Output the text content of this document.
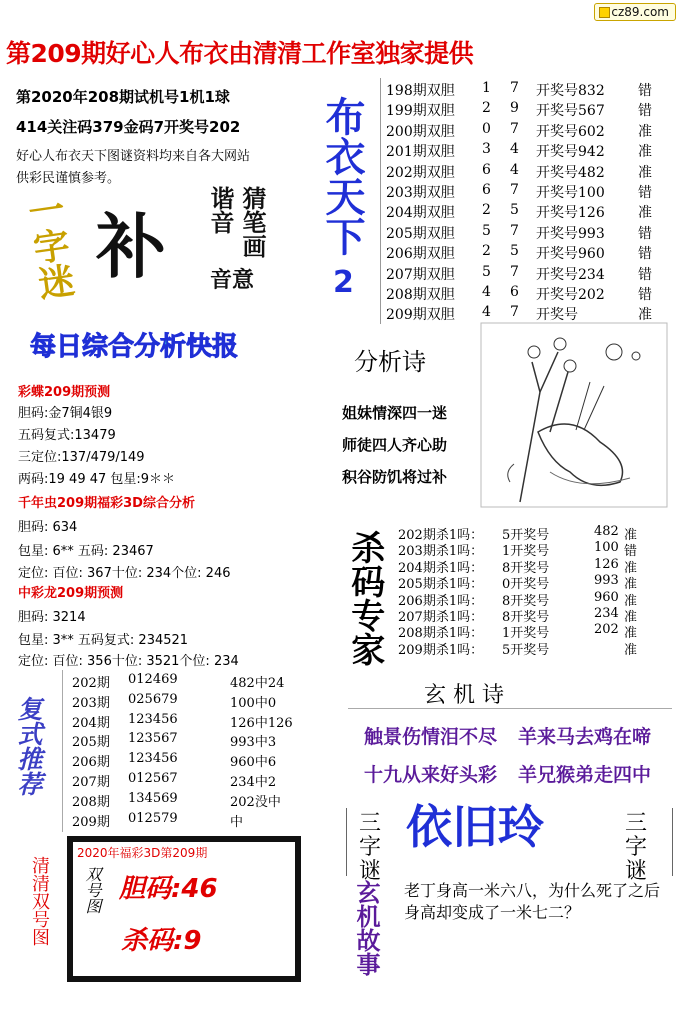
cz89.com
第209期好心人布衣由清清工作室独家提供
第2020年208期试机号1机1球
414关注码379金码7开奖号202
好心人布衣天下图谜资料均来自各大网站
供彩民谨慎参考。
一字迷 补 谐音 猜笔画
音意
布衣天下
2
198期双胆 1 7 开奖号832 错
199期双胆 2 9 开奖号567 错
200期双胆 0 7 开奖号602 准
201期双胆 3 4 开奖号942 准
202期双胆 6 4 开奖号482 准
203期双胆 6 7 开奖号100 错
204期双胆 2 5 开奖号126 准
205期双胆 5 7 开奖号993 错
206期双胆 2 5 开奖号960 错
207期双胆 5 7 开奖号234 错
208期双胆 4 6 开奖号202 错
209期双胆 4 7 开奖号	准
每日综合分析快报
彩蝶209期预测
胆码:金7铜4银9
五码复式:13479
三定位:137/479/149
两码:19 49 47 包星:9＊＊
千年虫209期福彩3D综合分析
胆码: 634
包星: 6** 五码: 23467
定位: 百位: 367十位: 234个位: 246
中彩龙209期预测
胆码: 3214
包星: 3** 五码复式: 234521
定位: 百位: 356十位: 3521个位: 234
分析诗
姐妹情深四一迷
师徒四人齐心助
积谷防饥将过补
杀码专家 202期杀1吗： 5开奖号	482 准
203期杀1吗： 1开奖号	100 错
204期杀1吗： 8开奖号	126 准
205期杀1吗： 0开奖号	993 准
206期杀1吗： 8开奖号	960 准
207期杀1吗： 8开奖号	234 准
208期杀1吗： 1开奖号	202 准
209期杀1吗： 5开奖号	准
复式推荐
202期 012469	482中24
203期 025679	100中0
204期 123456	126中126
205期 123567	993中3
206期 123456	960中6
207期 012567	234中2
208期 134569	202没中
209期 012579	中
玄 机 诗
触景伤情泪不尽 羊来马去鸡在啼
十九从来好头彩 羊兄猴弟走四中
三字谜
三字谜
依旧玲
玄机故事 老丁身高一米六八，为什么死了之后身高却变成了一米七二？
清清双号图
2020年福彩3D第209期
双号图 胆码:46
杀码:9
